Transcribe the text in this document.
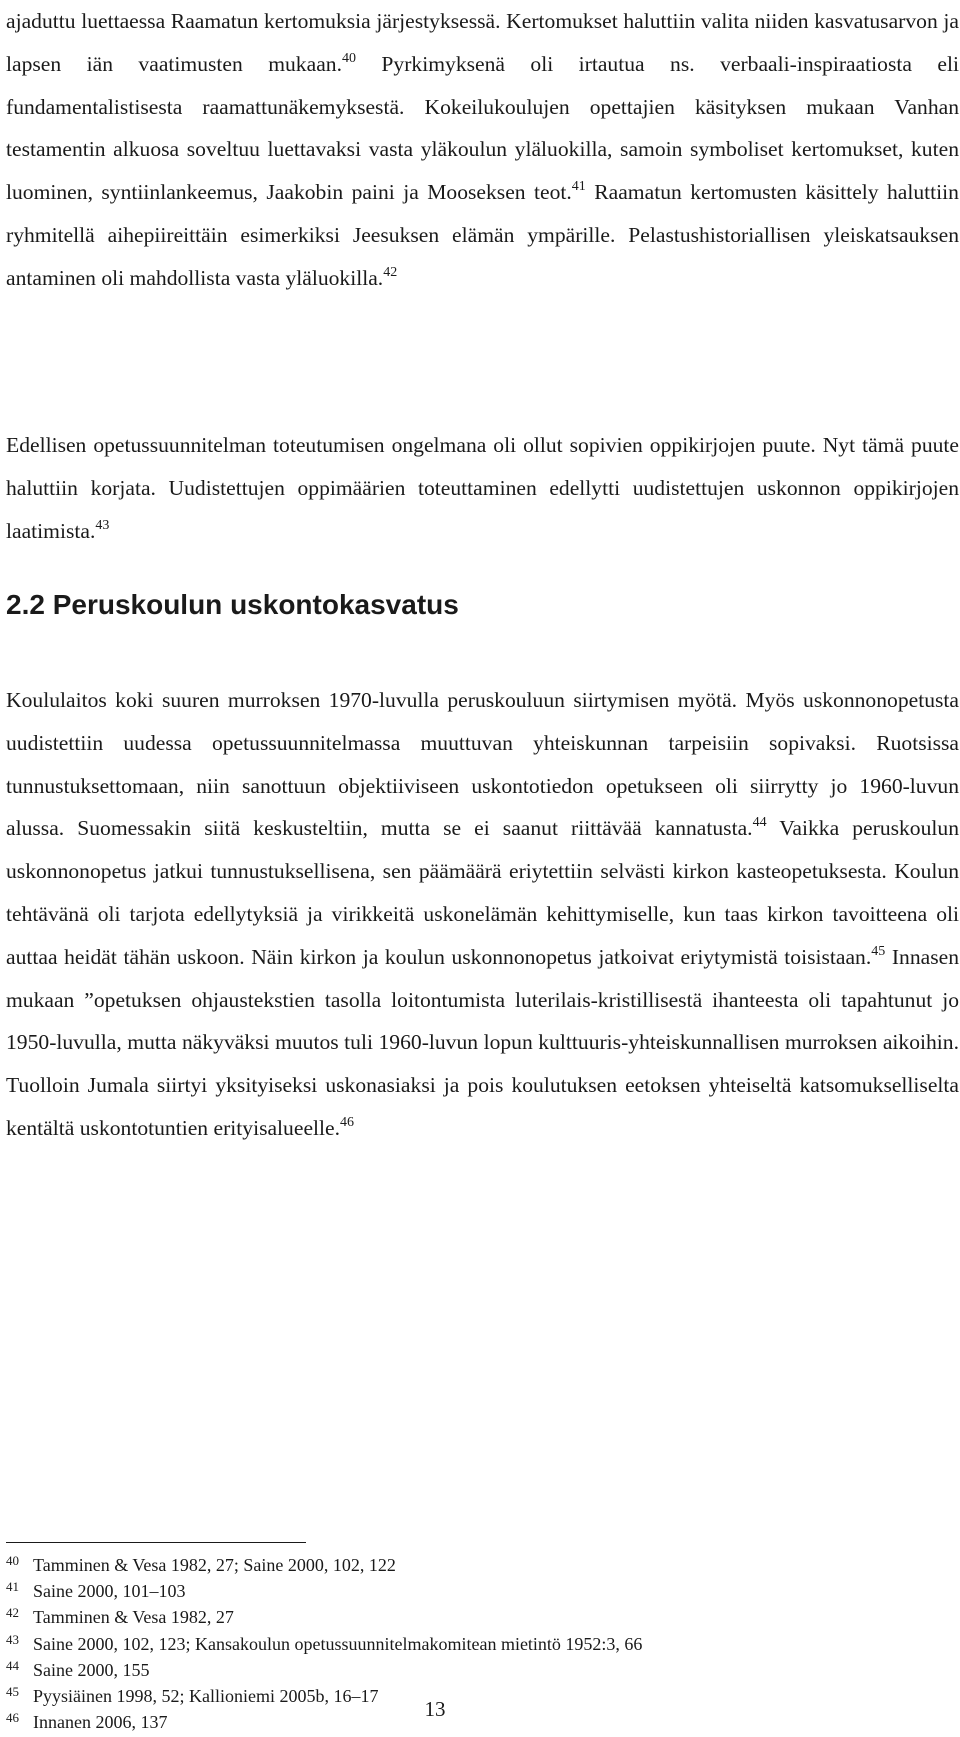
ajaduttu luettaessa Raamatun kertomuksia järjestyksessä. Kertomukset haluttiin valita niiden kasvatusarvon ja lapsen iän vaatimusten mukaan.$^{40}$ Pyrkimyksenä oli irtautua ns. verbaali-inspiraatiosta eli fundamentalistisesta raamattunäkemyksestä. Kokeilukoulujen opettajien käsityksen mukaan Vanhan testamentin alkuosa soveltuu luettavaksi vasta yläkoulun yläluokilla, samoin symboliset kertomukset, kuten luominen, syntiinlankeemus, Jaakobin paini ja Mooseksen teot.$^{41}$ Raamatun kertomusten käsittely haluttiin ryhmitellä aihepiireittäin esimerkiksi Jeesuksen elämän ympärille. Pelastushistoriallisen yleiskatsauksen antaminen oli mahdollista vasta yläluokilla.$^{42}$

Edellisen opetussuunnitelman toteutumisen ongelmana oli ollut sopivien oppikirjojen puute. Nyt tämä puute haluttiin korjata. Uudistettujen oppimäärien toteuttaminen edellytti uudistettujen uskonnon oppikirjojen laatimista.$^{43}$

2.2 Peruskoulun uskontokasvatus

Koululaitos koki suuren murroksen 1970-luvulla peruskouluun siirtymisen myötä. Myös uskonnonopetusta uudistettiin uudessa opetussuunnitelmassa muuttuvan yhteiskunnan tarpeisiin sopivaksi. Ruotsissa tunnustuksettomaan, niin sanottuun objektiiviseen uskontotiedon opetukseen oli siirrytty jo 1960-luvun alussa. Suomessakin siitä keskusteltiin, mutta se ei saanut riittävää kannatusta.$^{44}$ Vaikka peruskoulun uskonnonopetus jatkui tunnustuksellisena, sen päämäärä eriytettiin selvästi kirkon kasteopetuksesta. Koulun tehtävänä oli tarjota edellytyksiä ja virikkeitä uskonelämän kehittymiselle, kun taas kirkon tavoitteena oli auttaa heidät tähän uskoon. Näin kirkon ja koulun uskonnonopetus jatkoivat eriytymistä toisistaan.$^{45}$ Innasen mukaan ”opetuksen ohjaustekstien tasolla loitontumista luterilais-kristillisestä ihanteesta oli tapahtunut jo 1950-luvulla, mutta näkyväksi muutos tuli 1960-luvun lopun kulttuuris-yhteiskunnallisen murroksen aikoihin. Tuolloin Jumala siirtyi yksityiseksi uskonasiaksi ja pois koulutuksen eetoksen yhteiseltä katsomukselliselta kentältä uskontotuntien erityisalueelle.$^{46}$

40 Tamminen & Vesa 1982, 27; Saine 2000, 102, 122
41 Saine 2000, 101–103
42 Tamminen & Vesa 1982, 27
43 Saine 2000, 102, 123; Kansakoulun opetussuunnitelmakomitean mietintö 1952:3, 66
44 Saine 2000, 155
45 Pyysiäinen 1998, 52; Kallioniemi 2005b, 16–17
46 Innanen 2006, 137
13
